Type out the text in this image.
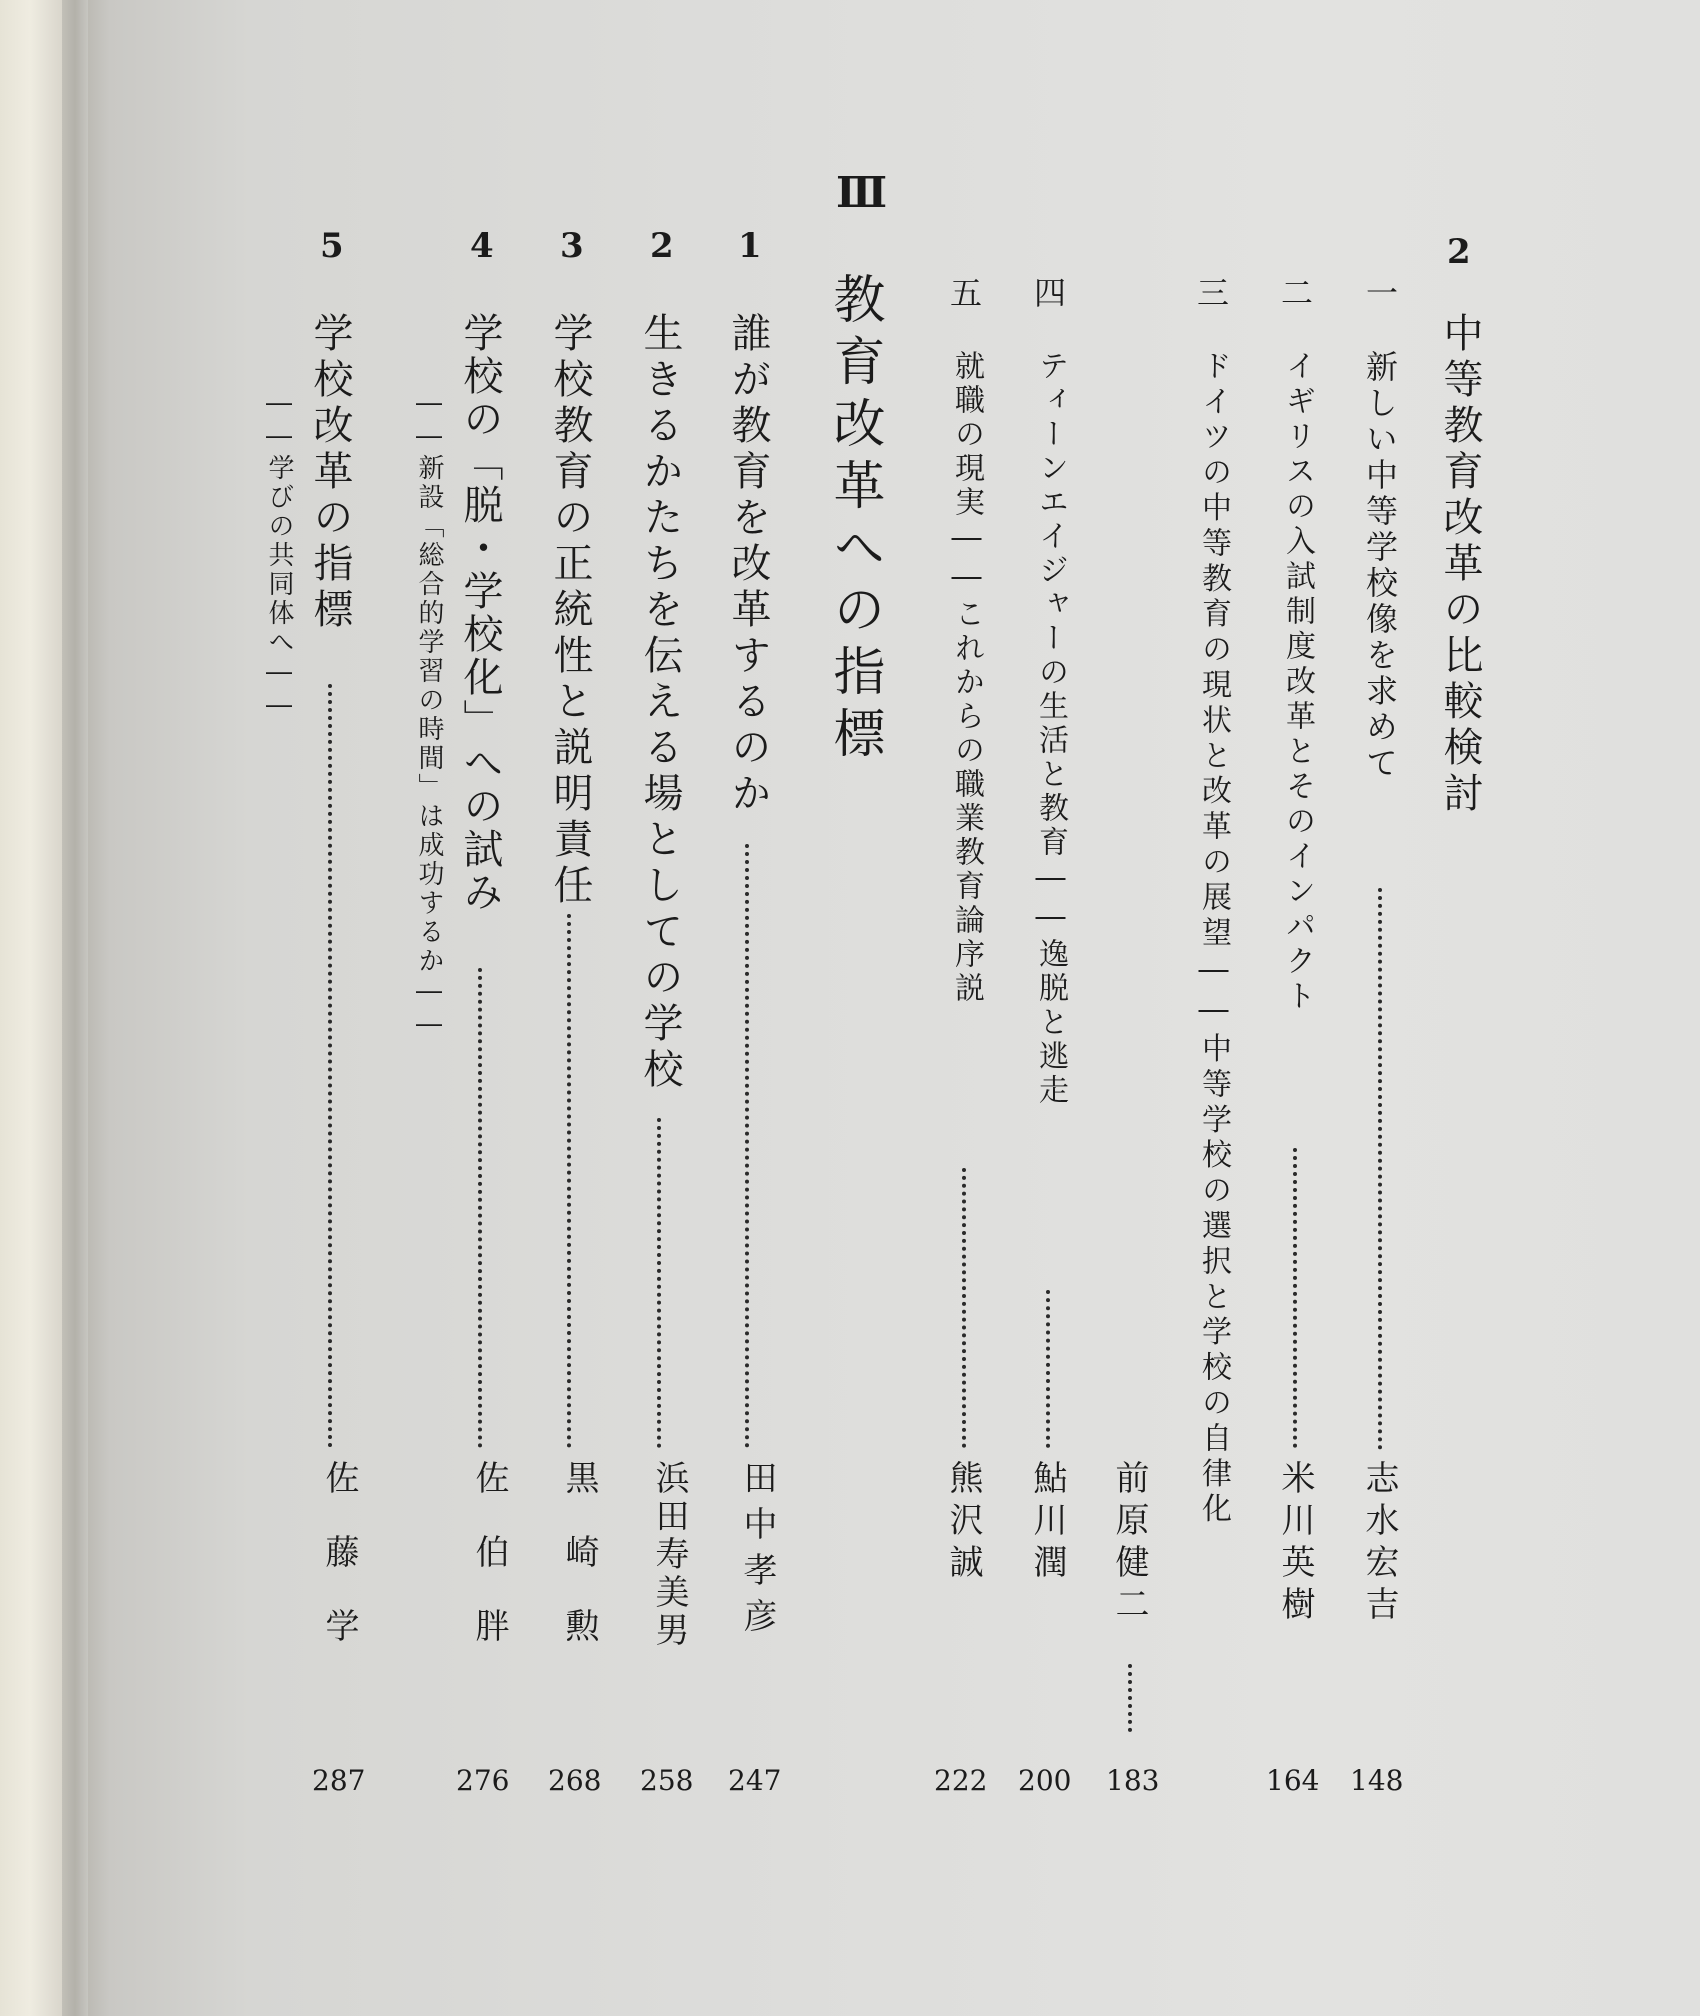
2
中等教育改革の比較検討
一
新しい中等学校像を求めて
志水宏吉
148
二
イギリスの入試制度改革とそのインパクト
米川英樹
164
三
ドイツの中等教育の現状と改革の展望――中等学校の選択と学校の自律化
前原健二
183
四
ティーンエイジャーの生活と教育――逸脱と逃走
鮎川潤
200
五
就職の現実――これからの職業教育論序説
熊沢誠
222
Ⅲ
教育改革への指標
1
誰が教育を改革するのか
田中孝彦
247
2
生きるかたちを伝える場としての学校
浜田寿美男
258
3
学校教育の正統性と説明責任
黒崎勲
268
4
学校の「脱・学校化」への試み
――新設「総合的学習の時間」は成功するか――
佐伯胖
276
5
学校改革の指標
――学びの共同体へ――
佐藤学
287
